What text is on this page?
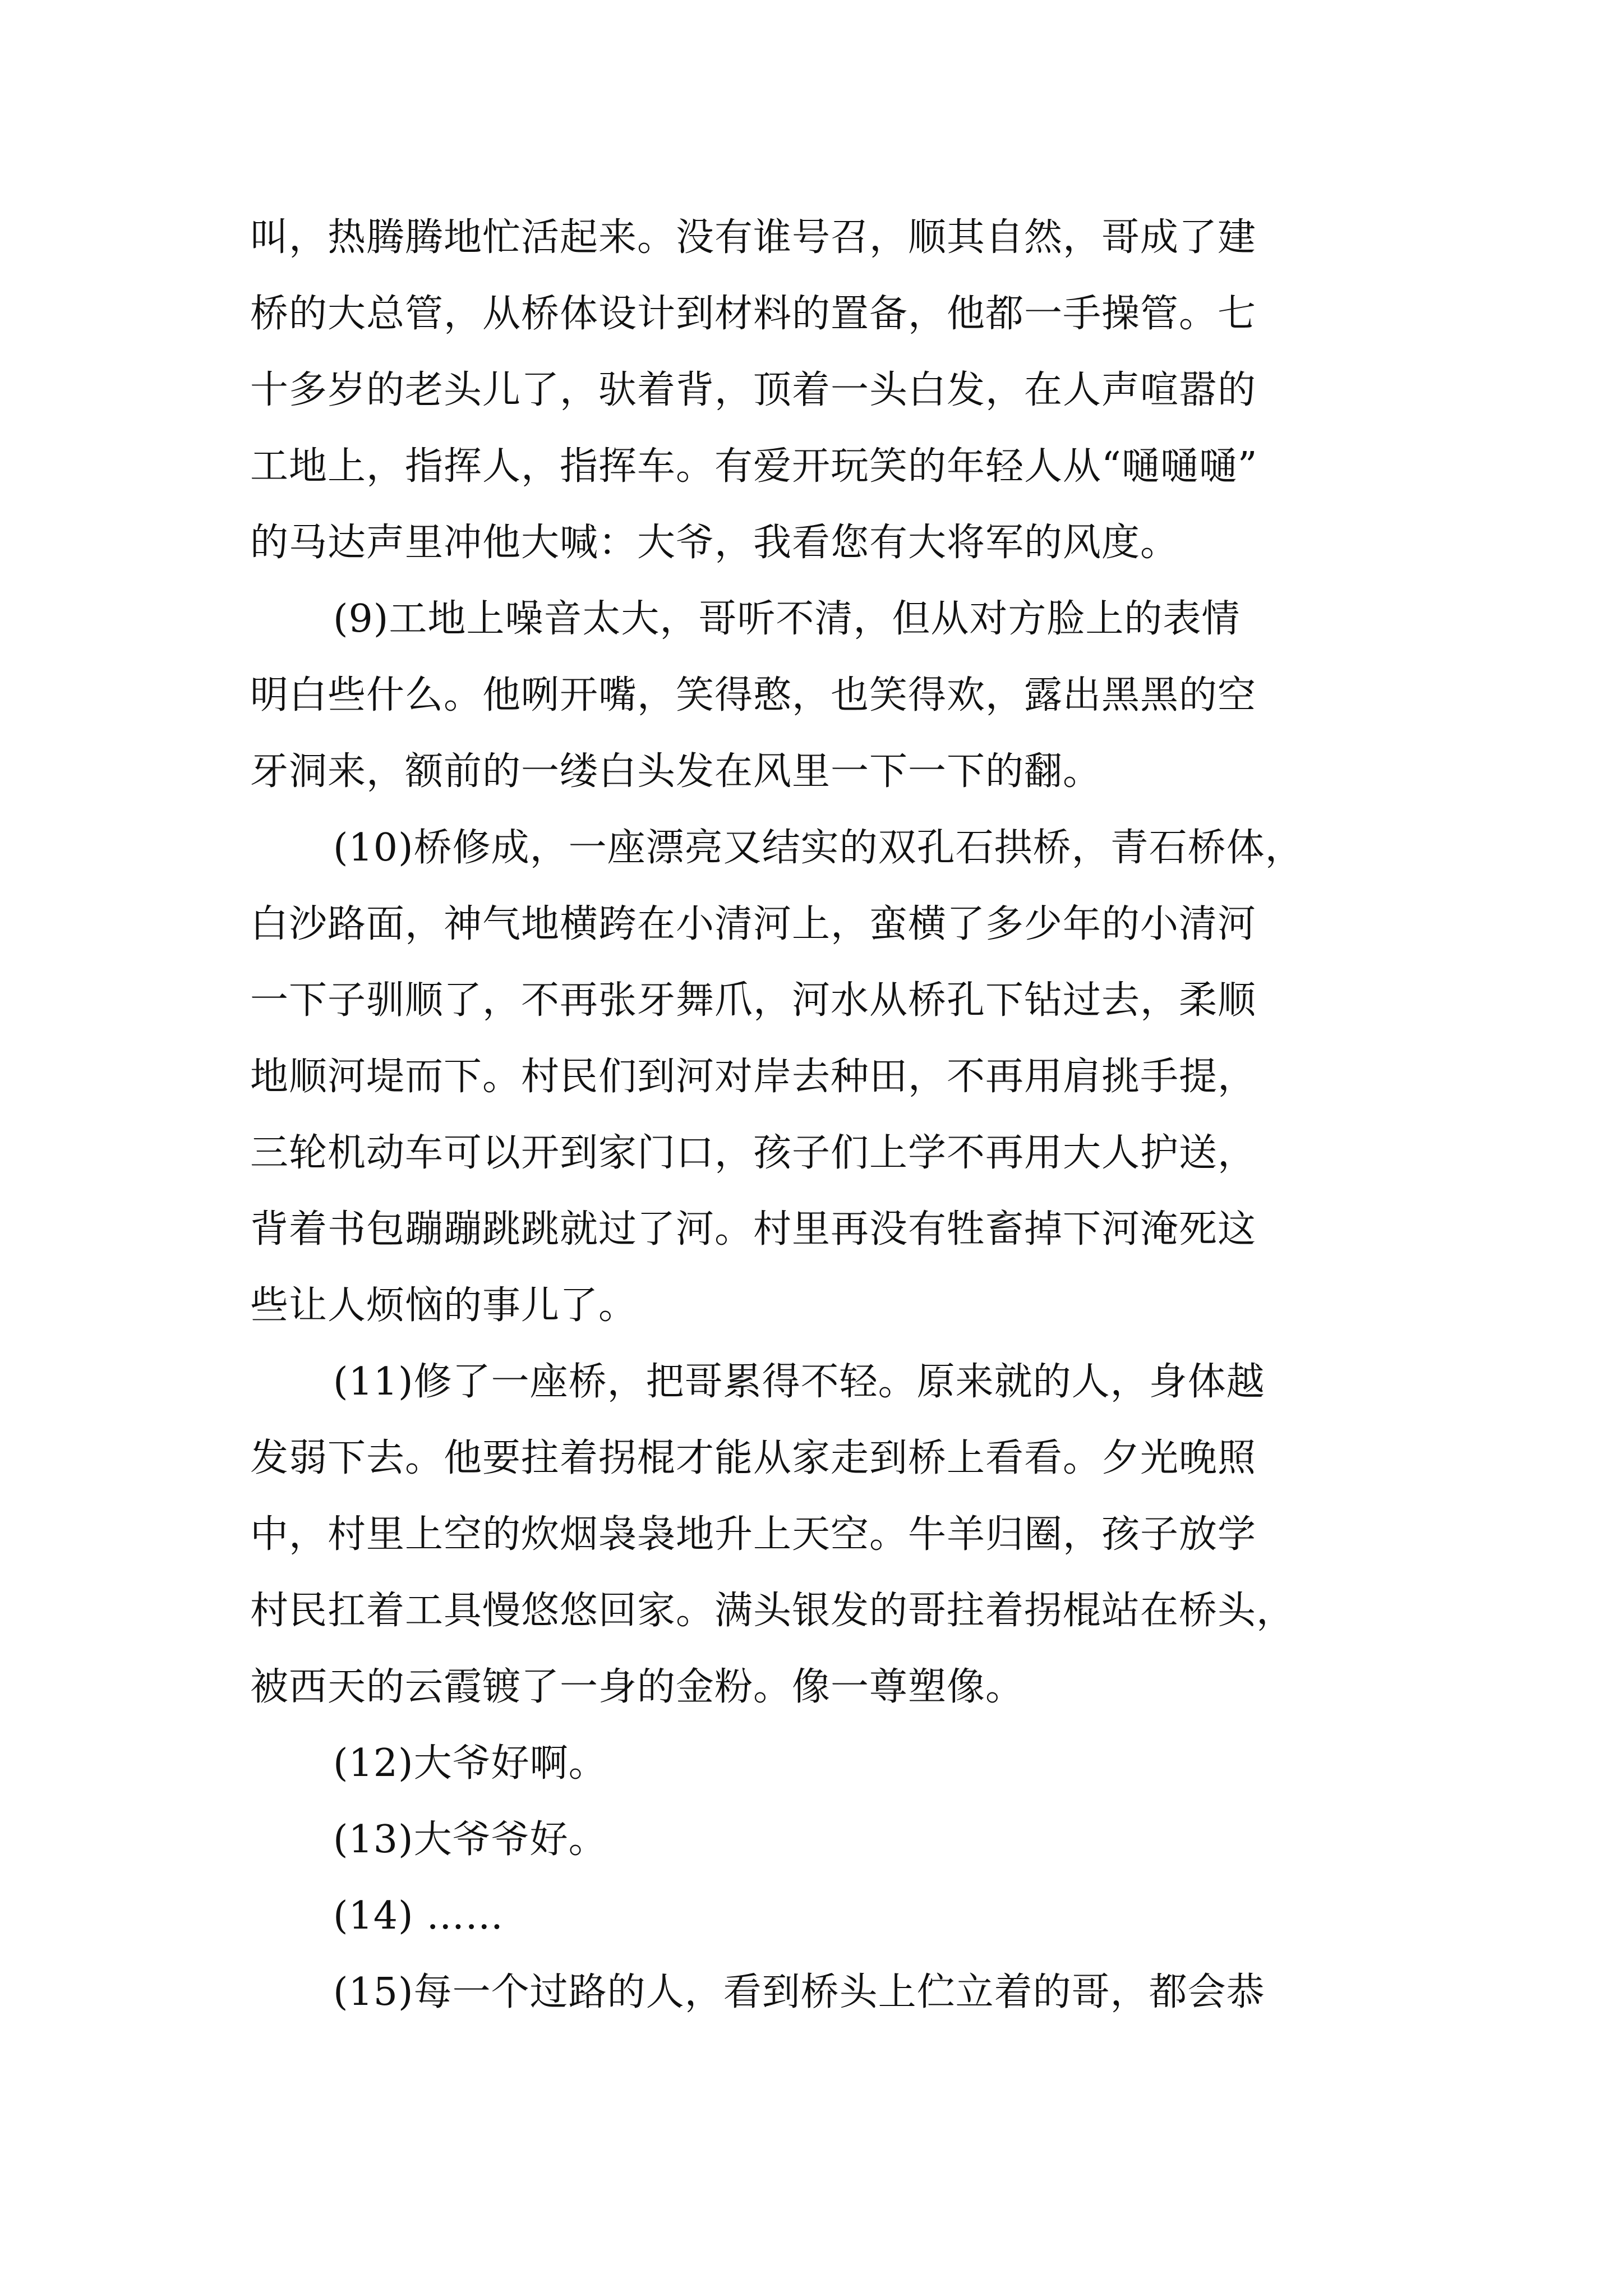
叫，热腾腾地忙活起来。没有谁号召，顺其自然，哥成了建
桥的大总管，从桥体设计到材料的置备，他都一手操管。七
十多岁的老头儿了，驮着背，顶着一头白发，在人声喧嚣的
工地上，指挥人，指挥车。有爱开玩笑的年轻人从“嗵嗵嗵”
的马达声里冲他大喊：大爷，我看您有大将军的风度。
(9)工地上噪音太大，哥听不清，但从对方脸上的表情
明白些什么。他咧开嘴，笑得憨，也笑得欢，露出黑黑的空
牙洞来，额前的一缕白头发在风里一下一下的翻。
(10)桥修成，一座漂亮又结实的双孔石拱桥，青石桥体，
白沙路面，神气地横跨在小清河上，蛮横了多少年的小清河
一下子驯顺了，不再张牙舞爪，河水从桥孔下钻过去，柔顺
地顺河堤而下。村民们到河对岸去种田，不再用肩挑手提，
三轮机动车可以开到家门口，孩子们上学不再用大人护送，
背着书包蹦蹦跳跳就过了河。村里再没有牲畜掉下河淹死这
些让人烦恼的事儿了。
(11)修了一座桥，把哥累得不轻。原来就的人，身体越
发弱下去。他要拄着拐棍才能从家走到桥上看看。夕光晚照
中，村里上空的炊烟袅袅地升上天空。牛羊归圈，孩子放学
村民扛着工具慢悠悠回家。满头银发的哥拄着拐棍站在桥头，
被西天的云霞镀了一身的金粉。像一尊塑像。
(12)大爷好啊。
(13)大爷爷好。
(14) ……
(15)每一个过路的人，看到桥头上伫立着的哥，都会恭
